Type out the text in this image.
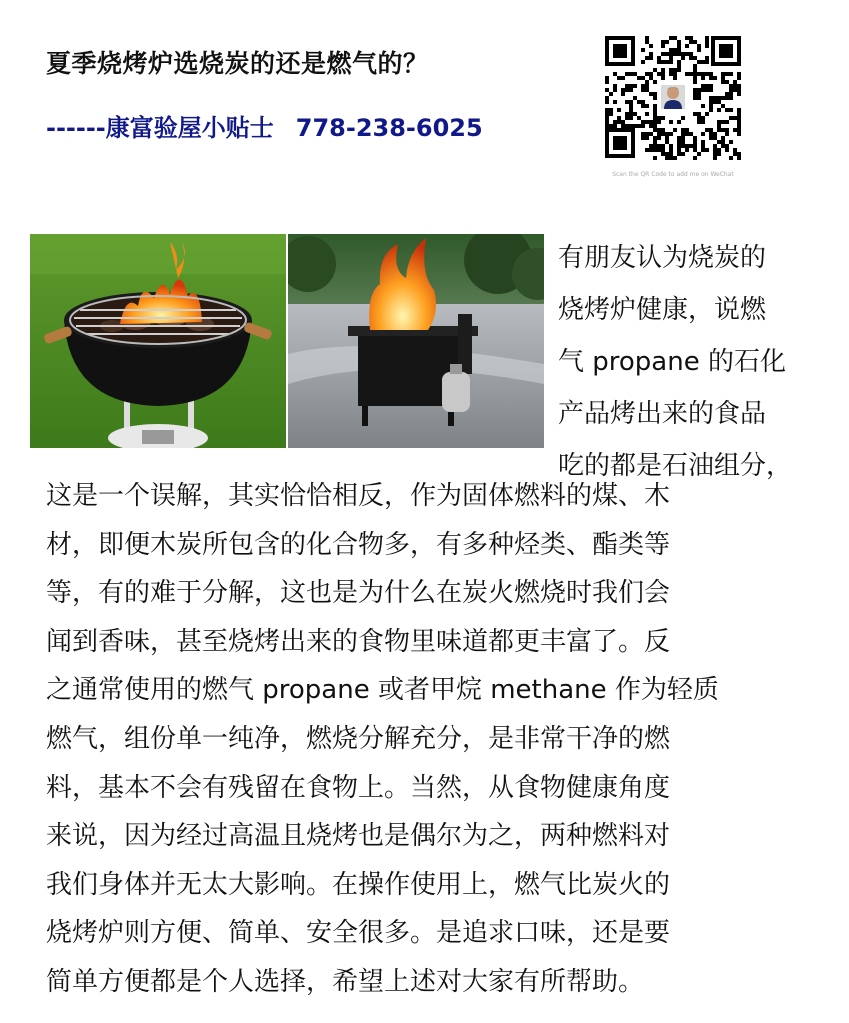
夏季烧烤炉选烧炭的还是燃气的？
------康富验屋小贴士 778-238-6025
Scan the QR Code to add me on WeChat
有朋友认为烧炭的
烧烤炉健康，说燃
气 propane 的石化
产品烤出来的食品
吃的都是石油组分，
这是一个误解，其实恰恰相反，作为固体燃料的煤、木
材，即便木炭所包含的化合物多，有多种烃类、酯类等
等，有的难于分解，这也是为什么在炭火燃烧时我们会
闻到香味，甚至烧烤出来的食物里味道都更丰富了。反
之通常使用的燃气 propane 或者甲烷 methane 作为轻质
燃气，组份单一纯净，燃烧分解充分，是非常干净的燃
料，基本不会有残留在食物上。当然，从食物健康角度
来说，因为经过高温且烧烤也是偶尔为之，两种燃料对
我们身体并无太大影响。在操作使用上，燃气比炭火的
烧烤炉则方便、简单、安全很多。是追求口味，还是要
简单方便都是个人选择，希望上述对大家有所帮助。
